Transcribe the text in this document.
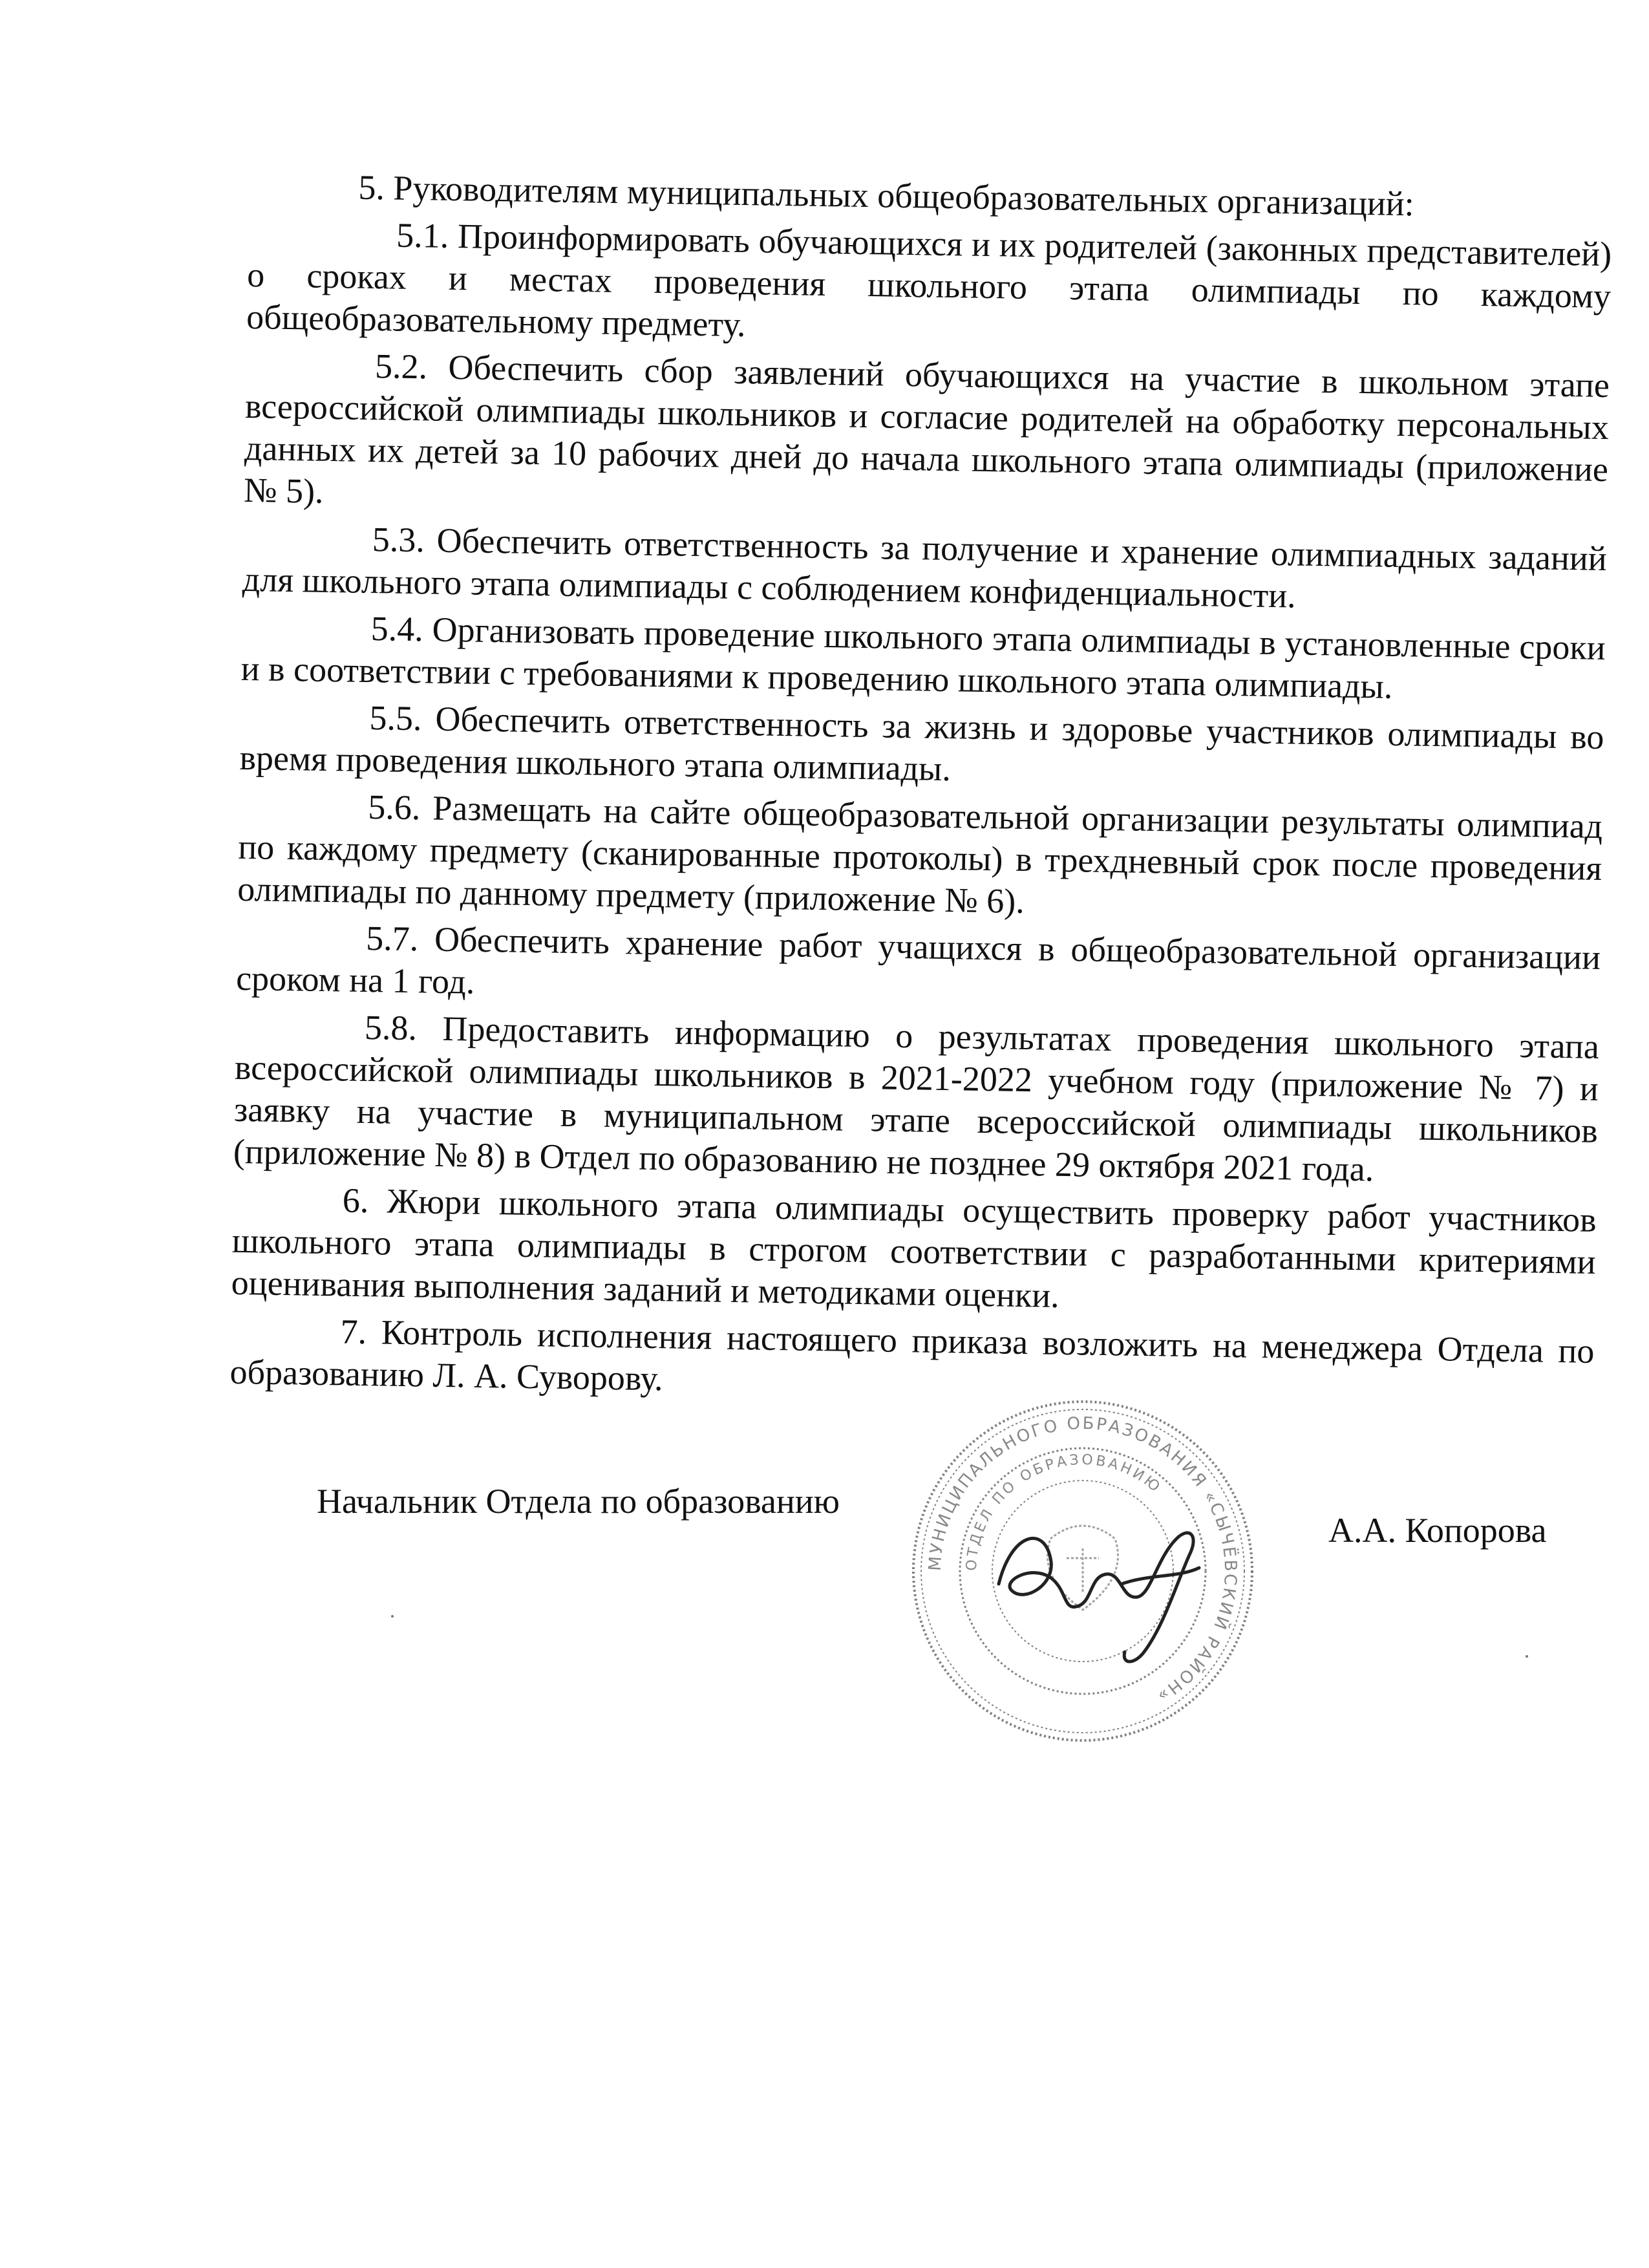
5. Руководителям муниципальных общеобразовательных организаций:

5.1. Проинформировать обучающихся и их родителей (законных представителей) о сроках и местах проведения школьного этапа олимпиады по каждому общеобразовательному предмету.

5.2. Обеспечить сбор заявлений обучающихся на участие в школьном этапе всероссийской олимпиады школьников и согласие родителей на обработку персональных данных их детей за 10 рабочих дней до начала школьного этапа олимпиады (приложение № 5).

5.3. Обеспечить ответственность за получение и хранение олимпиадных заданий для школьного этапа олимпиады с соблюдением конфиденциальности.

5.4. Организовать проведение школьного этапа олимпиады в установленные сроки и в соответствии с требованиями к проведению школьного этапа олимпиады.

5.5. Обеспечить ответственность за жизнь и здоровье участников олимпиады во время проведения школьного этапа олимпиады.

5.6. Размещать на сайте общеобразовательной организации результаты олимпиад по каждому предмету (сканированные протоколы) в трехдневный срок после проведения олимпиады по данному предмету (приложение № 6).

5.7. Обеспечить хранение работ учащихся в общеобразовательной организации сроком на 1 год.

5.8. Предоставить информацию о результатах проведения школьного этапа всероссийской олимпиады школьников в 2021-2022 учебном году (приложение № 7) и заявку на участие в муниципальном этапе всероссийской олимпиады школьников (приложение № 8) в Отдел по образованию не позднее 29 октября 2021 года.

6. Жюри школьного этапа олимпиады осуществить проверку работ участников школьного этапа олимпиады в строгом соответствии с разработанными критериями оценивания выполнения заданий и методиками оценки.

7. Контроль исполнения настоящего приказа возложить на менеджера Отдела по образованию Л. А. Суворову.

Начальник Отдела по образованию
МУНИЦИПАЛЬНОГО ОБРАЗОВАНИЯ «СЫЧЁВСКИЙ РАЙОН»
ОТДЕЛ ПО ОБРАЗОВАНИЮ
А.А. Копорова
